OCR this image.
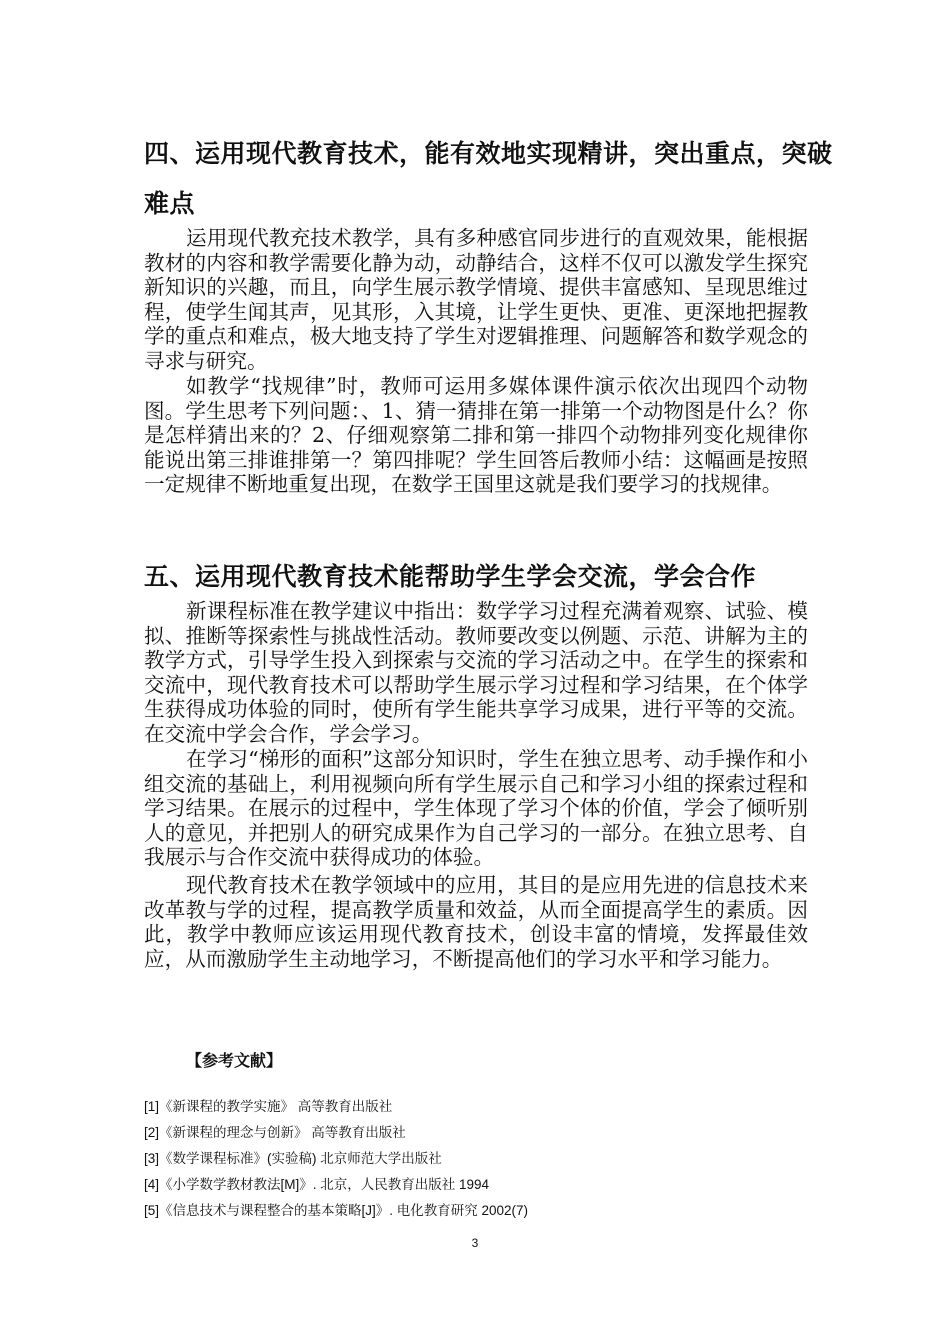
四、运用现代教育技术，能有效地实现精讲，突出重点，突破
难点

运用现代教充技术教学，具有多种感官同步进行的直观效果，能根据教材的内容和教学需要化静为动，动静结合，这样不仅可以激发学生探究新知识的兴趣，而且，向学生展示教学情境、提供丰富感知、呈现思维过程，使学生闻其声，见其形，入其境，让学生更快、更准、更深地把握教学的重点和难点，极大地支持了学生对逻辑推理、问题解答和数学观念的寻求与研究。

如教学“找规律”时，教师可运用多媒体课件演示依次出现四个动物图。学生思考下列问题：、1、猜一猜排在第一排第一个动物图是什么？你是怎样猜出来的？2、仔细观察第二排和第一排四个动物排列变化规律你能说出第三排谁排第一？第四排呢？学生回答后教师小结：这幅画是按照一定规律不断地重复出现，在数学王国里这就是我们要学习的找规律。

五、运用现代教育技术能帮助学生学会交流，学会合作

新课程标准在教学建议中指出：数学学习过程充满着观察、试验、模拟、推断等探索性与挑战性活动。教师要改变以例题、示范、讲解为主的教学方式，引导学生投入到探索与交流的学习活动之中。在学生的探索和交流中，现代教育技术可以帮助学生展示学习过程和学习结果，在个体学生获得成功体验的同时，使所有学生能共享学习成果，进行平等的交流。在交流中学会合作，学会学习。

在学习“梯形的面积”这部分知识时，学生在独立思考、动手操作和小组交流的基础上，利用视频向所有学生展示自己和学习小组的探索过程和学习结果。在展示的过程中，学生体现了学习个体的价值，学会了倾听别人的意见，并把别人的研究成果作为自己学习的一部分。在独立思考、自我展示与合作交流中获得成功的体验。

现代教育技术在教学领域中的应用，其目的是应用先进的信息技术来改革教与学的过程，提高教学质量和效益，从而全面提高学生的素质。因此，教学中教师应该运用现代教育技术，创设丰富的情境，发挥最佳效应，从而激励学生主动地学习，不断提高他们的学习水平和学习能力。

【参考文献】

[1]《新课程的教学实施》 高等教育出版社
[2]《新课程的理念与创新》 高等教育出版社
[3]《数学课程标准》(实验稿) 北京师范大学出版社
[4]《小学数学教材教法[M]》. 北京，人民教育出版社 1994
[5]《信息技术与课程整合的基本策略[J]》. 电化教育研究 2002(7)
3
